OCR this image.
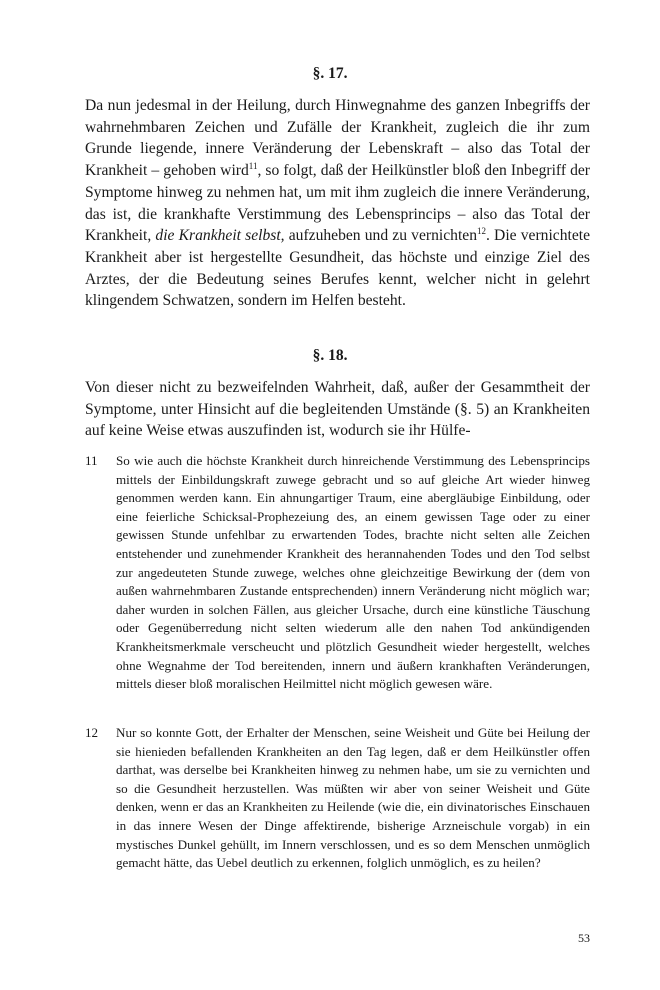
§. 17.

Da nun jedesmal in der Heilung, durch Hinwegnahme des ganzen Inbegriffs der wahrnehmbaren Zeichen und Zufälle der Krankheit, zugleich die ihr zum Grunde liegende, innere Veränderung der Lebenskraft – also das Total der Krankheit – gehoben wird$^{11}$, so folgt, daß der Heilkünstler bloß den Inbegriff der Symptome hinweg zu nehmen hat, um mit ihm zugleich die innere Veränderung, das ist, die krankhafte Verstimmung des Lebensprincips – also das Total der Krankheit, die Krankheit selbst, aufzuheben und zu vernichten$^{12}$. Die vernichtete Krankheit aber ist hergestellte Gesundheit, das höchste und einzige Ziel des Arztes, der die Bedeutung seines Berufes kennt, welcher nicht in gelehrt klingendem Schwatzen, sondern im Helfen besteht.

§. 18.

Von dieser nicht zu bezweifelnden Wahrheit, daß, außer der Gesammtheit der Symptome, unter Hinsicht auf die begleitenden Umstände (§. 5) an Krankheiten auf keine Weise etwas auszufinden ist, wodurch sie ihr Hülfe-

11	So wie auch die höchste Krankheit durch hinreichende Verstimmung des Lebensprincips mittels der Einbildungskraft zuwege gebracht und so auf gleiche Art wieder hinweg genommen werden kann. Ein ahnungartiger Traum, eine abergläubige Einbildung, oder eine feierliche Schicksal-Prophezeiung des, an einem gewissen Tage oder zu einer gewissen Stunde unfehlbar zu erwartenden Todes, brachte nicht selten alle Zeichen entstehender und zunehmender Krankheit des herannahenden Todes und den Tod selbst zur angedeuteten Stunde zuwege, welches ohne gleichzeitige Bewirkung der (dem von außen wahrnehmbaren Zustande entsprechenden) innern Veränderung nicht möglich war; daher wurden in solchen Fällen, aus gleicher Ursache, durch eine künstliche Täuschung oder Gegenüberredung nicht selten wiederum alle den nahen Tod ankündigenden Krankheitsmerkmale verscheucht und plötzlich Gesundheit wieder hergestellt, welches ohne Wegnahme der Tod bereitenden, innern und äußern krankhaften Veränderungen, mittels dieser bloß moralischen Heilmittel nicht möglich gewesen wäre.
12	Nur so konnte Gott, der Erhalter der Menschen, seine Weisheit und Güte bei Heilung der sie hienieden befallenden Krankheiten an den Tag legen, daß er dem Heilkünstler offen darthat, was derselbe bei Krankheiten hinweg zu nehmen habe, um sie zu vernichten und so die Gesundheit herzustellen. Was müßten wir aber von seiner Weisheit und Güte denken, wenn er das an Krankheiten zu Heilende (wie die, ein divinatorisches Einschauen in das innere Wesen der Dinge affektirende, bisherige Arzneischule vorgab) in ein mystisches Dunkel gehüllt, im Innern verschlossen, und es so dem Menschen unmöglich gemacht hätte, das Uebel deutlich zu erkennen, folglich unmöglich, es zu heilen?
53
